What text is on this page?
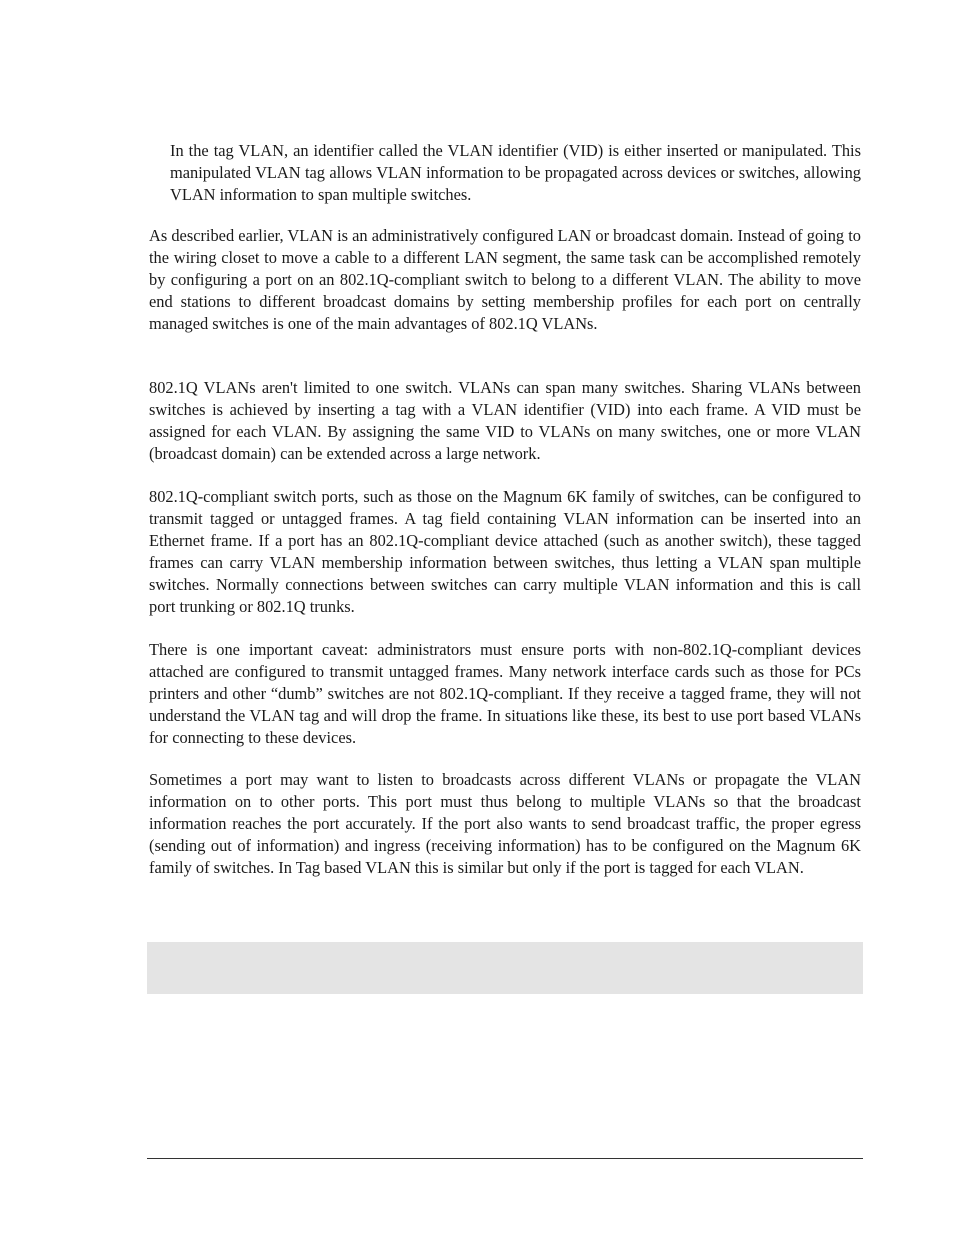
In the tag VLAN, an identifier called the VLAN identifier (VID) is either inserted or manipulated. This manipulated VLAN tag allows VLAN information to be propagated across devices or switches, allowing VLAN information to span multiple switches.

As described earlier, VLAN is an administratively configured LAN or broadcast domain. Instead of going to the wiring closet to move a cable to a different LAN segment, the same task can be accomplished remotely by configuring a port on an 802.1Q-compliant switch to belong to a different VLAN. The ability to move end stations to different broadcast domains by setting membership profiles for each port on centrally managed switches is one of the main advantages of 802.1Q VLANs.

802.1Q VLANs aren't limited to one switch. VLANs can span many switches. Sharing VLANs between switches is achieved by inserting a tag with a VLAN identifier (VID) into each frame. A VID must be assigned for each VLAN. By assigning the same VID to VLANs on many switches, one or more VLAN (broadcast domain) can be extended across a large network.

802.1Q-compliant switch ports, such as those on the Magnum 6K family of switches, can be configured to transmit tagged or untagged frames. A tag field containing VLAN information can be inserted into an Ethernet frame. If a port has an 802.1Q-compliant device attached (such as another switch), these tagged frames can carry VLAN membership information between switches, thus letting a VLAN span multiple switches. Normally connections between switches can carry multiple VLAN information and this is call port trunking or 802.1Q trunks.

There is one important caveat: administrators must ensure ports with non-802.1Q-compliant devices attached are configured to transmit untagged frames. Many network interface cards such as those for PCs printers and other “dumb” switches are not 802.1Q-compliant. If they receive a tagged frame, they will not understand the VLAN tag and will drop the frame. In situations like these, its best to use port based VLANs for connecting to these devices.

Sometimes a port may want to listen to broadcasts across different VLANs or propagate the VLAN information on to other ports. This port must thus belong to multiple VLANs so that the broadcast information reaches the port accurately. If the port also wants to send broadcast traffic, the proper egress (sending out of information) and ingress (receiving information) has to be configured on the Magnum 6K family of switches. In Tag based VLAN this is similar but only if the port is tagged for each VLAN.
